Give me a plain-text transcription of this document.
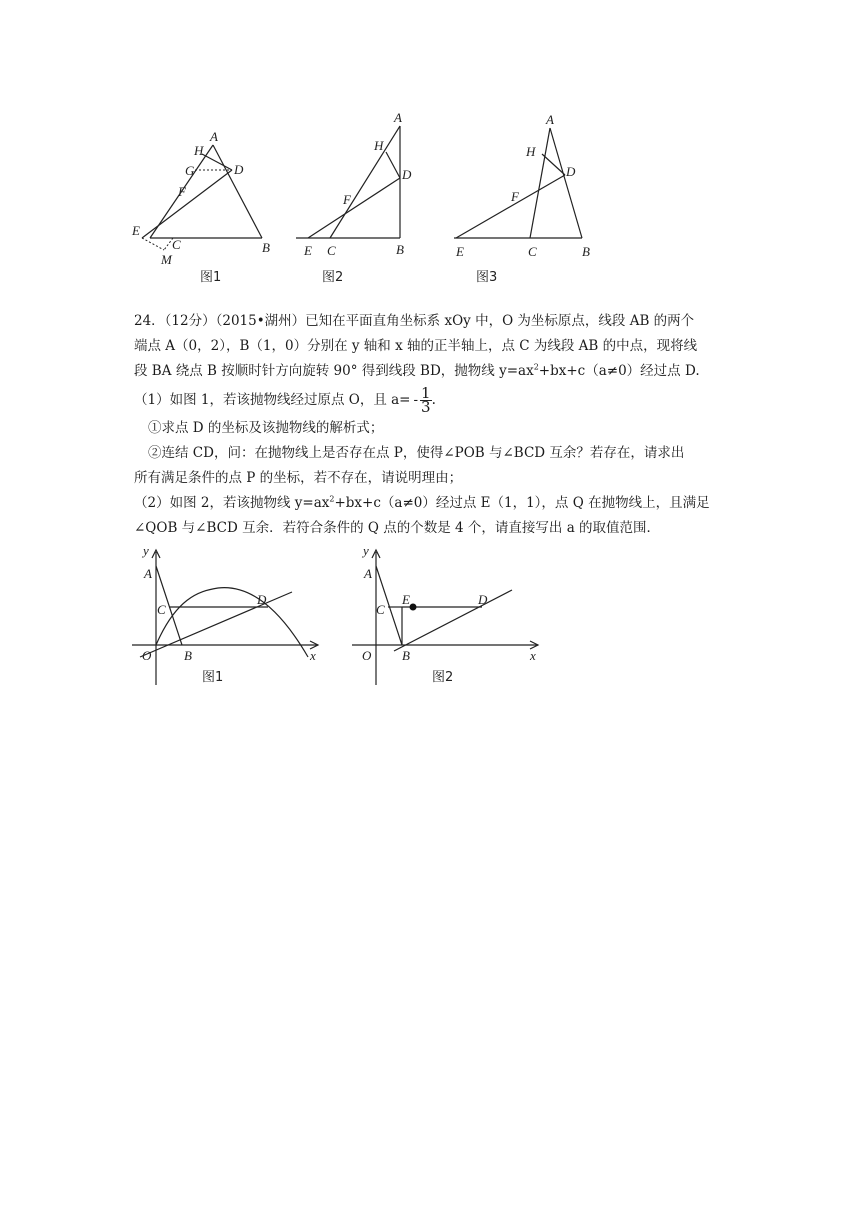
A
H
G	D
F
E
C	B
M
图1
A
H
D
F
E C	B
图2
A
H
D
F
E	C	B
图3
24．（12分）（2015•湖州）已知在平面直角坐标系 xOy 中，O 为坐标原点，线段 AB 的两个
端点 A（0，2），B（1，0）分别在 y 轴和 x 轴的正半轴上，点 C 为线段 AB 的中点，现将线
段 BA 绕点 B 按顺时针方向旋转 90° 得到线段 BD，抛物线 $y=ax^2+bx+c(a\ne 0)$经过点 D.
（1）如图 1，若该抛物线经过原点 O，且 $a= - \frac{1}{3}$ .
①求点 D 的坐标及该抛物线的解析式；
②连结 CD，问：在抛物线上是否存在点 P，使得∠POB 与∠BCD 互余？若存在，请求出
所有满足条件的点 P 的坐标，若不存在，请说明理由；
（2）如图 2，若该抛物线 $y=ax^2+bx+c(a\ne 0)$经过点 E（1，1），点 Q 在抛物线上，且满足
∠QOB 与∠BCD 互余．若符合条件的 Q 点的个数是 4 个，请直接写出 a 的取值范围．
y
x
A
C
D
O	B
图1
y
x
A
C
E	D
O B
图2
